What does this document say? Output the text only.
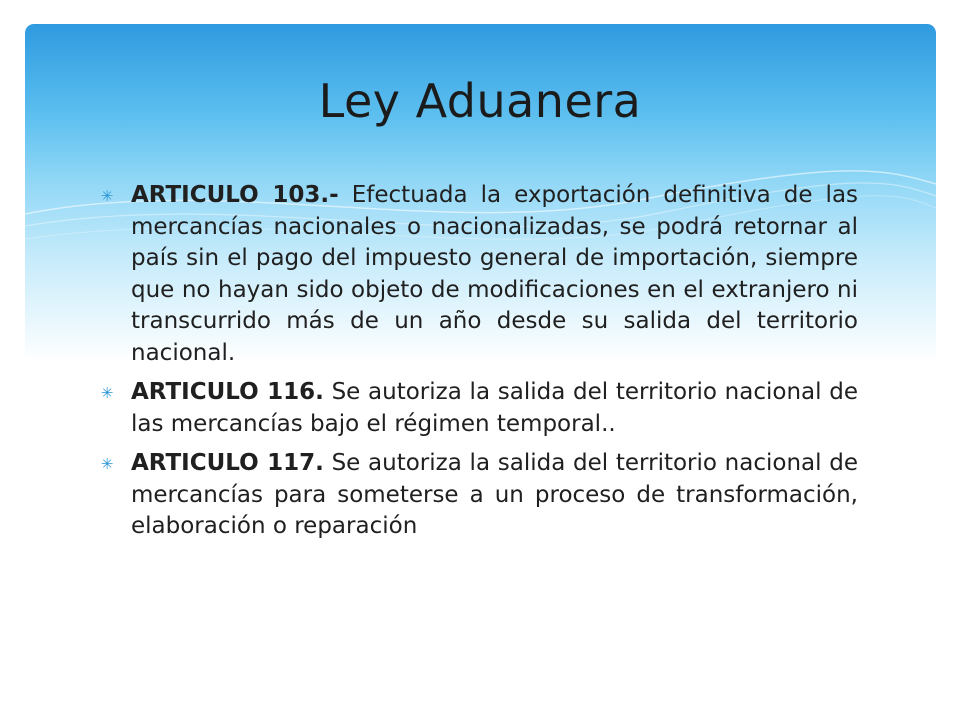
Ley Aduanera
✳ ARTICULO 103.- Efectuada la exportación definitiva de las mercancías nacionales o nacionalizadas, se podrá retornar al país sin el pago del impuesto general de importación, siempre que no hayan sido objeto de modificaciones en el extranjero ni transcurrido más de un año desde su salida del territorio nacional.
✳ ARTICULO 116. Se autoriza la salida del territorio nacional de las mercancías bajo el régimen temporal..
✳ ARTICULO 117. Se autoriza la salida del territorio nacional de mercancías para someterse a un proceso de transformación, elaboración o reparación
